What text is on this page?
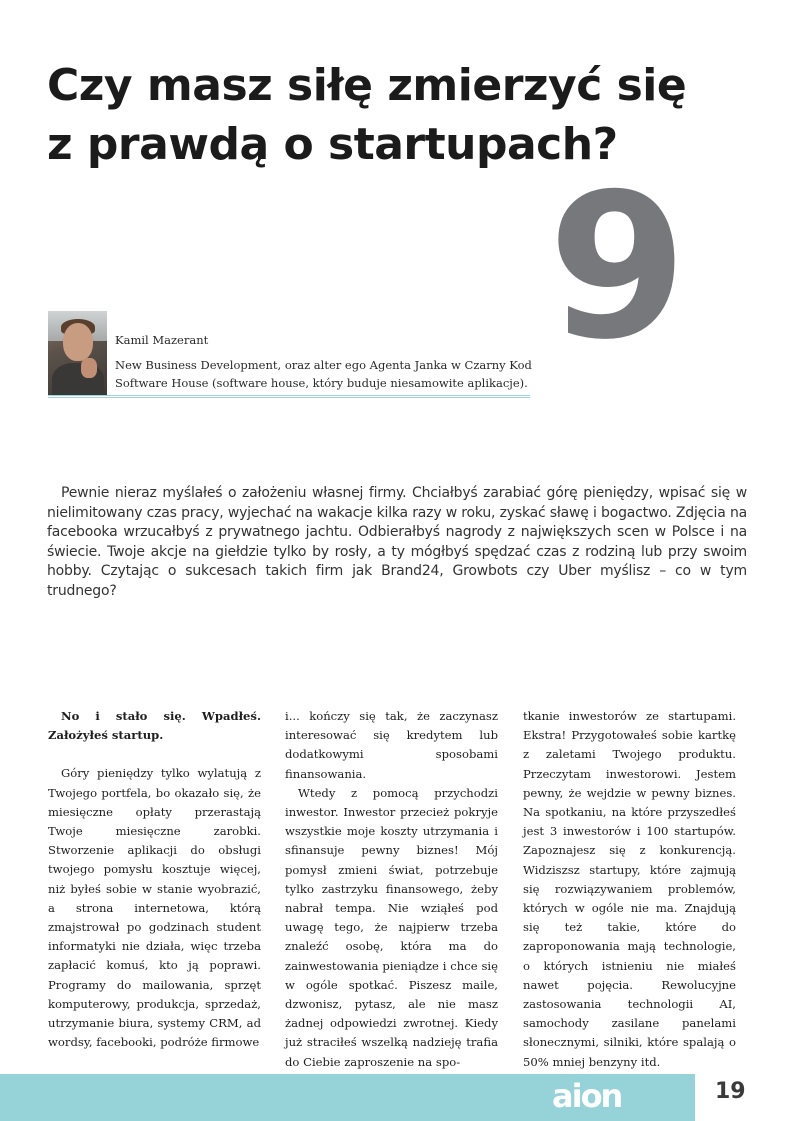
Czy masz siłę zmierzyć się
z prawdą o startupach?
9
Kamil Mazerant
New Business Development, oraz alter ego Agenta Janka w Czarny Kod
Software House (software house, który buduje niesamowite aplikacje).

Pewnie nieraz myślałeś o założeniu własnej firmy. Chciałbyś zarabiać górę pieniędzy, wpisać się w nielimitowany czas pracy, wyjechać na wakacje kilka razy w roku, zyskać sławę i bogactwo. Zdjęcia na facebooka wrzucałbyś z prywatnego jachtu. Odbierałbyś nagrody z największych scen w Polsce i na świecie. Twoje akcje na giełdzie tylko by rosły, a ty mógłbyś spędzać czas z rodziną lub przy swoim hobby. Czytając o sukcesach takich firm jak Brand24, Growbots czy Uber myślisz – co w tym trudnego?

No i stało się. Wpadłeś. Założyłeś startup.

Góry pieniędzy tylko wylatują z Twojego portfela, bo okazało się, że miesięczne opłaty przerastają Twoje miesięczne zarobki. Stworzenie aplikacji do obsługi twojego pomysłu kosztuje więcej, niż byłeś sobie w stanie wyobrazić, a strona internetowa, którą zmajstrował po godzinach student informatyki nie działa, więc trzeba zapłacić komuś, kto ją poprawi. Programy do mailowania, sprzęt komputerowy, produkcja, sprzedaż, utrzymanie biura, systemy CRM, ad wordsy, facebooki, podróże firmowe

i... kończy się tak, że zaczynasz interesować się kredytem lub dodatkowymi sposobami finansowania.

Wtedy z pomocą przychodzi inwestor. Inwestor przecież pokryje wszystkie moje koszty utrzymania i sfinansuje pewny biznes! Mój pomysł zmieni świat, potrzebuje tylko zastrzyku finansowego, żeby nabrał tempa. Nie wziąłeś pod uwagę tego, że najpierw trzeba znaleźć osobę, która ma do zainwestowania pieniądze i chce się w ogóle spotkać. Piszesz maile, dzwonisz, pytasz, ale nie masz żadnej odpowiedzi zwrotnej. Kiedy już straciłeś wszelką nadzieję trafia do Ciebie zaproszenie na spo-

tkanie inwestorów ze startupami. Ekstra! Przygotowałeś sobie kartkę z zaletami Twojego produktu. Przeczytam inwestorowi. Jestem pewny, że wejdzie w pewny biznes. Na spotkaniu, na które przyszedłeś jest 3 inwestorów i 100 startupów. Zapoznajesz się z konkurencją. Widziszsz startupy, które zajmują się rozwiązywaniem problemów, których w ogóle nie ma. Znajdują się też takie, które do zaproponowania mają technologie, o których istnieniu nie miałeś nawet pojęcia. Rewolucyjne zastosowania technologii AI, samochody zasilane panelami słonecznymi, silniki, które spalają o 50% mniej benzyny itd.

aion	19
